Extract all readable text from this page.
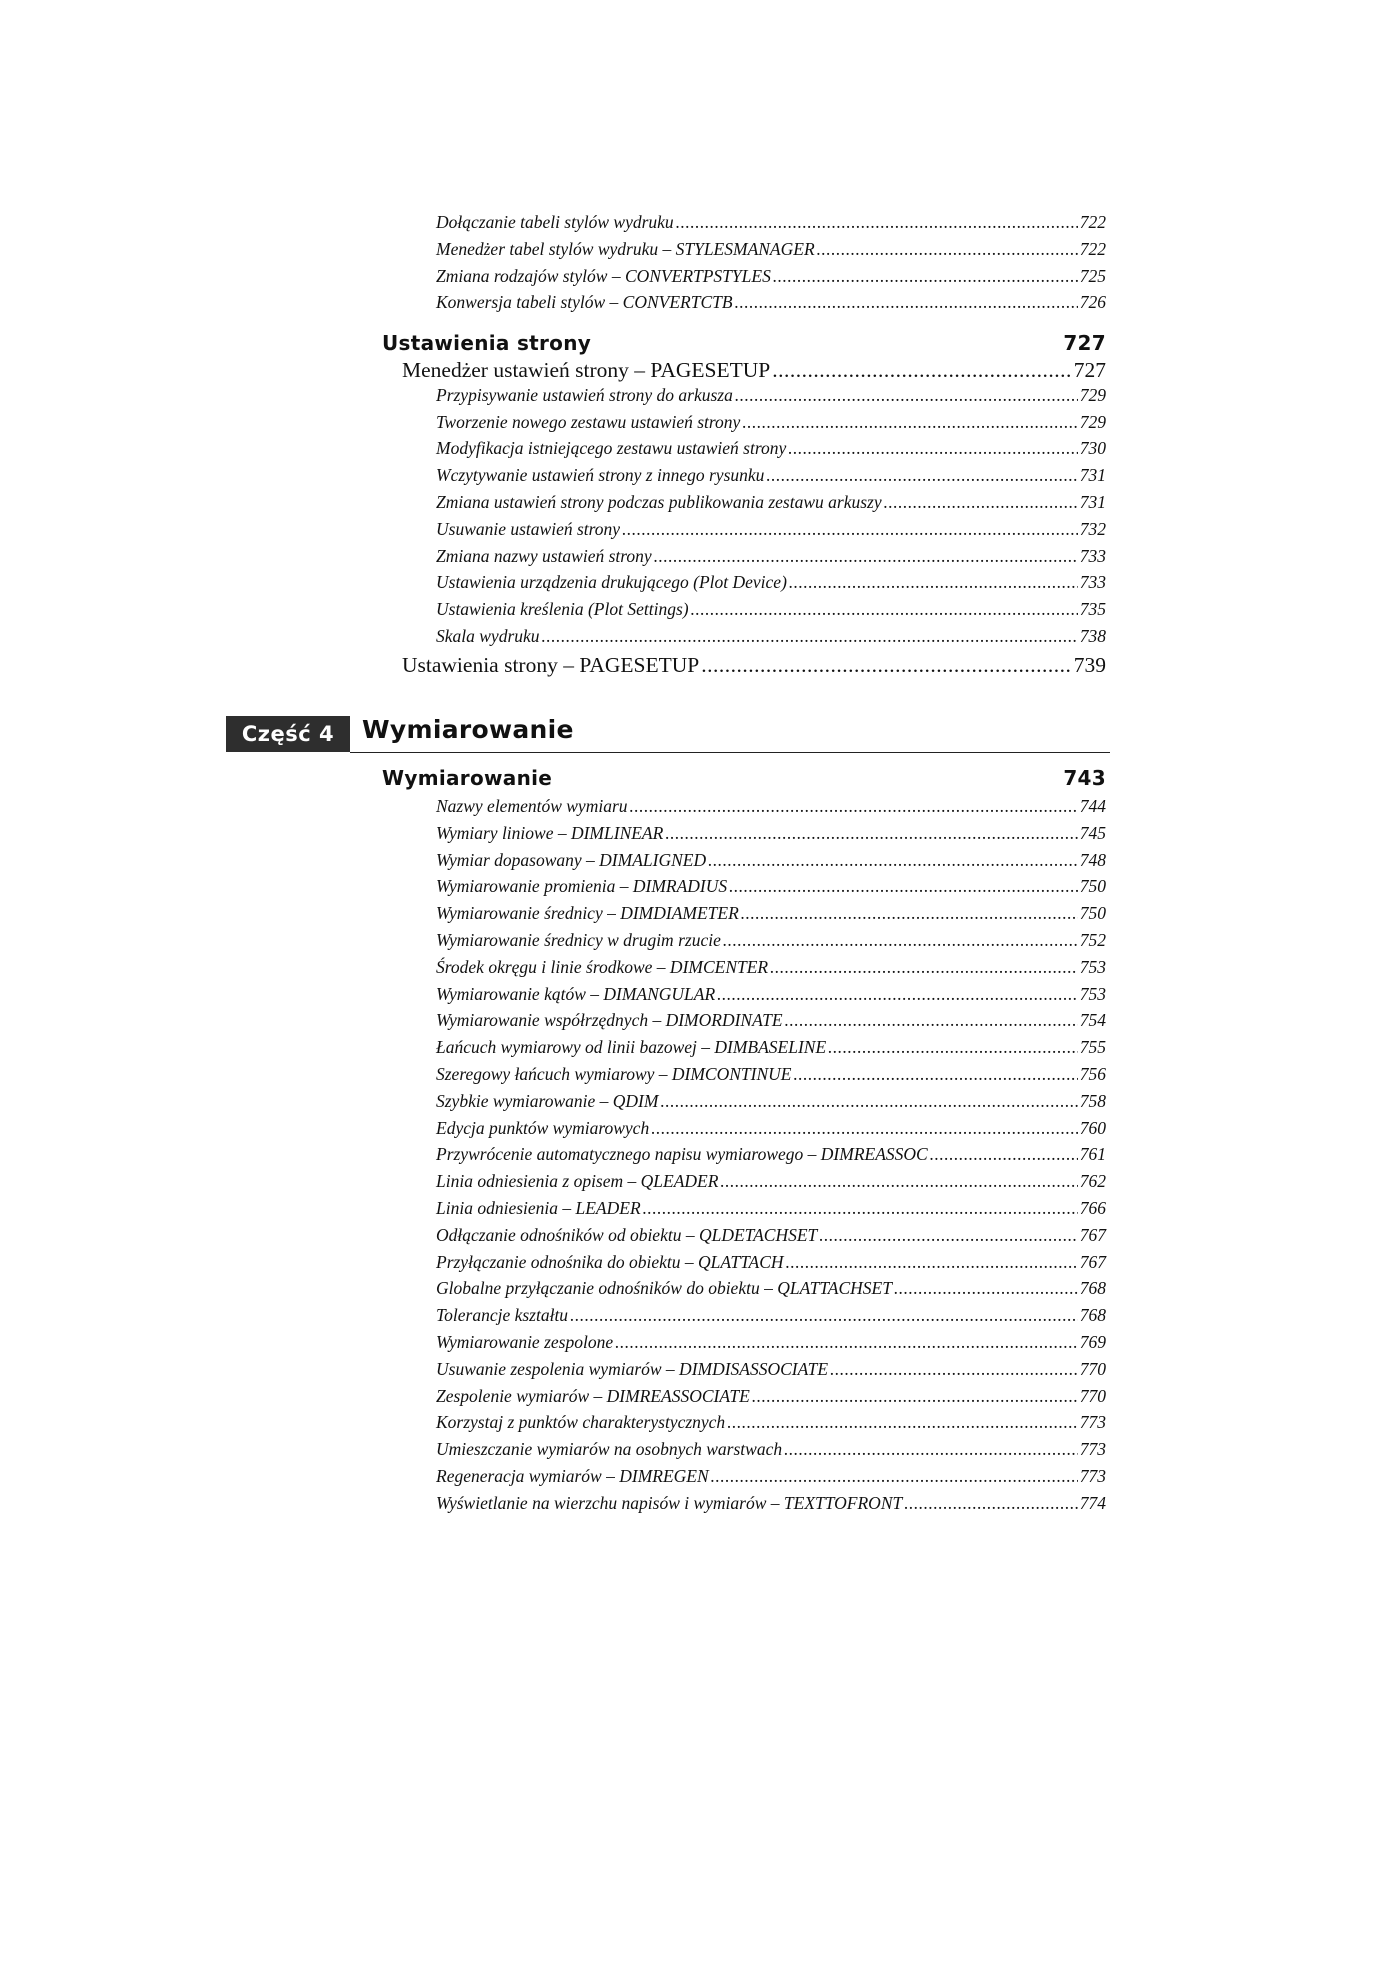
Dołączanie tabeli stylów wydruku .....	722
Menedżer tabel stylów wydruku – STYLESMANAGER .....	722
Zmiana rodzajów stylów – CONVERTPSTYLES .....	725
Konwersja tabeli stylów – CONVERTCTB .....	726
Ustawienia strony	727
Menedżer ustawień strony – PAGESETUP .....	727
Przypisywanie ustawień strony do arkusza .....	729
Tworzenie nowego zestawu ustawień strony .....	729
Modyfikacja istniejącego zestawu ustawień strony .....	730
Wczytywanie ustawień strony z innego rysunku .....	731
Zmiana ustawień strony podczas publikowania zestawu arkuszy .....	731
Usuwanie ustawień strony .....	732
Zmiana nazwy ustawień strony .....	733
Ustawienia urządzenia drukującego (Plot Device) .....	733
Ustawienia kreślenia (Plot Settings) .....	735
Skala wydruku .....	738
Ustawienia strony – PAGESETUP .....	739
Część 4 Wymiarowanie
Wymiarowanie	743
Nazwy elementów wymiaru .....	744
Wymiary liniowe – DIMLINEAR .....	745
Wymiar dopasowany – DIMALIGNED .....	748
Wymiarowanie promienia – DIMRADIUS .....	750
Wymiarowanie średnicy – DIMDIAMETER .....	750
Wymiarowanie średnicy w drugim rzucie .....	752
Środek okręgu i linie środkowe – DIMCENTER .....	753
Wymiarowanie kątów – DIMANGULAR .....	753
Wymiarowanie współrzędnych – DIMORDINATE .....	754
Łańcuch wymiarowy od linii bazowej – DIMBASELINE .....	755
Szeregowy łańcuch wymiarowy – DIMCONTINUE .....	756
Szybkie wymiarowanie – QDIM .....	758
Edycja punktów wymiarowych .....	760
Przywrócenie automatycznego napisu wymiarowego – DIMREASSOC .....	761
Linia odniesienia z opisem – QLEADER .....	762
Linia odniesienia – LEADER .....	766
Odłączanie odnośników od obiektu – QLDETACHSET .....	767
Przyłączanie odnośnika do obiektu – QLATTACH .....	767
Globalne przyłączanie odnośników do obiektu – QLATTACHSET .....	768
Tolerancje kształtu .....	768
Wymiarowanie zespolone .....	769
Usuwanie zespolenia wymiarów – DIMDISASSOCIATE .....	770
Zespolenie wymiarów – DIMREASSOCIATE .....	770
Korzystaj z punktów charakterystycznych .....	773
Umieszczanie wymiarów na osobnych warstwach .....	773
Regeneracja wymiarów – DIMREGEN .....	773
Wyświetlanie na wierzchu napisów i wymiarów – TEXTTOFRONT .....	774
